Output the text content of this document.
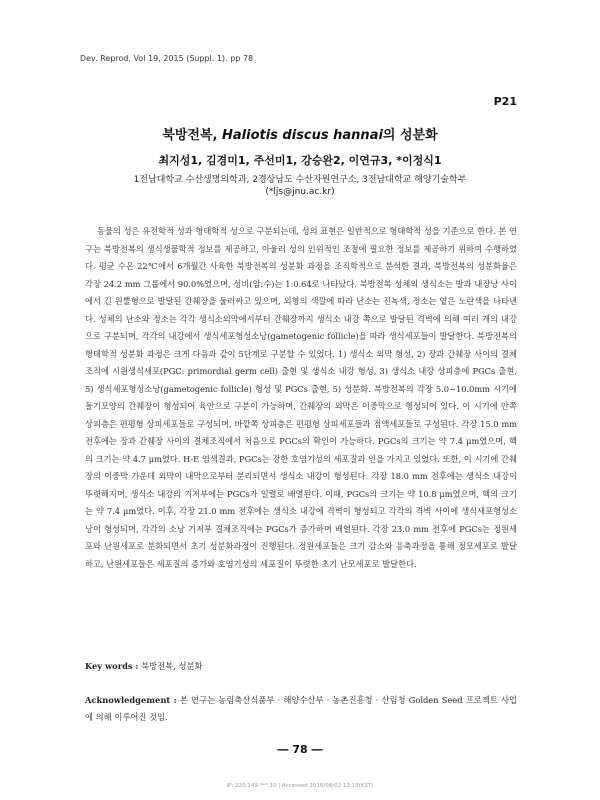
Dev. Reprod. Vol 19, 2015 (Suppl. 1). pp 78
P21
북방전복, Haliotis discus hannai의 성분화
최지성1, 김경미1, 주선미1, 강승완2, 이연규3, *이정식1
1전남대학교 수산생명의학과, 2경상남도 수산자원연구소, 3전남대학교 해양기술학부
(*ljs@jnu.ac.kr)

동물의 성은 유전학적 성과 형태학적 성으로 구분되는데, 성의 표현은 일반적으로 형태학적 성을 기준으로 한다. 본 연구는 북방전복의 생식생물학적 정보를 제공하고, 아울러 성의 인위적인 조절에 필요한 정보를 제공하기 위하여 수행하였다. 평균 수온 22℃에서 6개월간 사육한 북방전복의 성분화 과정을 조직학적으로 분석한 결과, 북방전복의 성분화율은 각장 24.2 mm 그룹에서 90.0%였으며, 성비(암:수)는 1:0.64로 나타났다. 북방전복 성체의 생식소는 발과 내장낭 사이에서 긴 원뿔형으로 발달된 간췌장을 둘러싸고 있으며, 외형의 색깔에 따라 난소는 진녹색, 정소는 옅은 노란색을 나타낸다. 성체의 난소와 정소는 각각 생식소외막에서부터 간췌장까지 생식소 내강 쪽으로 발달된 격벽에 의해 여러 개의 내강으로 구분되며, 각각의 내강에서 생식세포형성소낭(gametogenic follicle)을 따라 생식세포들이 발달한다. 북방전복의 형태학적 성분화 과정은 크게 다음과 같이 5단계로 구분할 수 있었다. 1) 생식소 외막 형성, 2) 장과 간췌장 사이의 결체조직에 시원생식세포(PGC: primordial germ cell) 출현 및 생식소 내강 형성, 3) 생식소 내강 상피층에 PGCs 출현, 5) 생식세포형성소낭(gametogenic follicle) 형성 및 PGCs 출현, 5) 성분화. 북방전복의 각장 5.0~10.0mm 시기에 돌기모양의 간췌장이 형성되어 육안으로 구분이 가능하며, 간췌장의 외막은 이중막으로 형성되어 있다. 이 시기에 안쪽 상피층은 편평형 상피세포들로 구성되며, 바깥쪽 상피층은 편평형 상피세포들과 점액세포들로 구성된다. 각장 15.0 mm 전후에는 장과 간췌장 사이의 결체조직에서 처음으로 PGCs의 확인이 가능하다. PGCs의 크기는 약 7.4 μm였으며, 핵의 크기는 약 4.7 μm였다. H-E 염색결과, PGCs는 강한 호염기성의 세포질과 인을 가지고 있었다. 또한, 이 시기에 간췌장의 이중막 가운데 외막이 내막으로부터 분리되면서 생식소 내강이 형성된다. 각장 18.0 mm 전후에는 생식소 내강이 뚜렷해지며, 생식소 내강의 기저부에는 PGCs가 일렬로 배열된다. 이때, PGCs의 크기는 약 10.8 μm였으며, 핵의 크기는 약 7.4 μm였다. 이후, 각장 21.0 mm 전후에는 생식소 내강에 격벽이 형성되고 각각의 격벽 사이에 생식세포형성소낭이 형성되며, 각각의 소낭 기저부 결체조직에는 PGCs가 증가하며 배열된다. 각장 23.0 mm 전후에 PGCs는 정원세포와 난원세포로 분화되면서 초기 성분화과정이 진행된다. 정원세포들은 크기 감소와 응축과정을 통해 정모세포로 발달하고, 난원세포들은 세포질의 증가와 호염기성의 세포질이 뚜렷한 초기 난모세포로 발달한다.

Key words : 북방전복, 성분화
Acknowledgement : 본 연구는 농림축산식품부 · 해양수산부 · 농촌진흥청 · 산림청 Golden Seed 프로젝트 사업에 의해 이루어진 것임.
― 78 ―
IP: 220.149.***.10 | Accessed 2018/08/02 13:19(KST)
